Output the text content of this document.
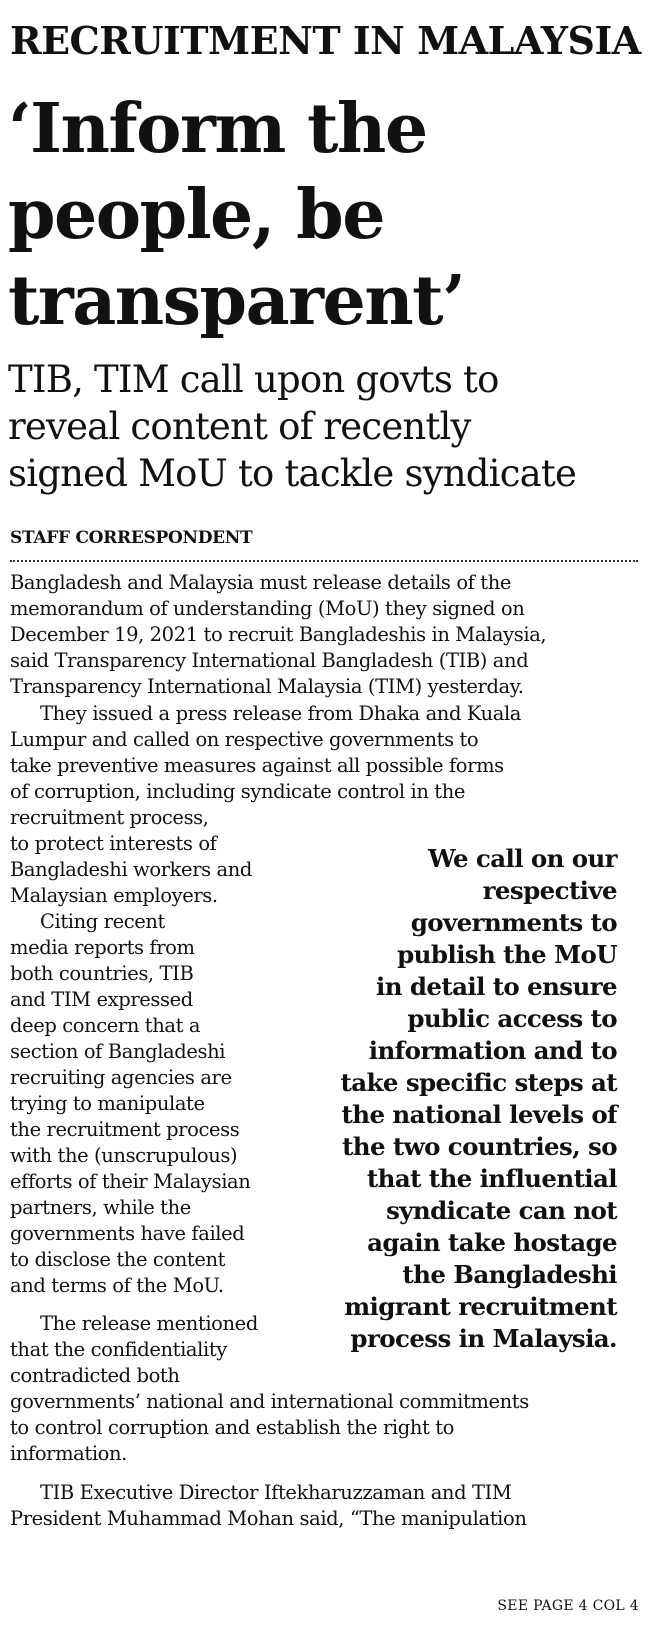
RECRUITMENT IN MALAYSIA
‘Inform the
people, be
transparent’
TIB, TIM call upon govts to
reveal content of recently
signed MoU to tackle syndicate
STAFF CORRESPONDENT

Bangladesh and Malaysia must release details of the
memorandum of understanding (MoU) they signed on
December 19, 2021 to recruit Bangladeshis in Malaysia,
said Transparency International Bangladesh (TIB) and
Transparency International Malaysia (TIM) yesterday.

They issued a press release from Dhaka and Kuala
Lumpur and called on respective governments to
take preventive measures against all possible forms
of corruption, including syndicate control in the

recruitment process,
to protect interests of
Bangladeshi workers and
Malaysian employers.

Citing recent
media reports from
both countries, TIB
and TIM expressed
deep concern that a
section of Bangladeshi
recruiting agencies are
trying to manipulate
the recruitment process
with the (unscrupulous)
efforts of their Malaysian
partners, while the
governments have failed
to disclose the content
and terms of the MoU.

The release mentioned
that the confidentiality
contradicted both

governments’ national and international commitments
to control corruption and establish the right to
information.

TIB Executive Director Iftekharuzzaman and TIM
President Muhammad Mohan said, “The manipulation

We call on our
respective
governments to
publish the MoU
in detail to ensure
public access to
information and to
take specific steps at
the national levels of
the two countries, so
that the influential
syndicate can not
again take hostage
the Bangladeshi
migrant recruitment
process in Malaysia.
SEE PAGE 4 COL 4
